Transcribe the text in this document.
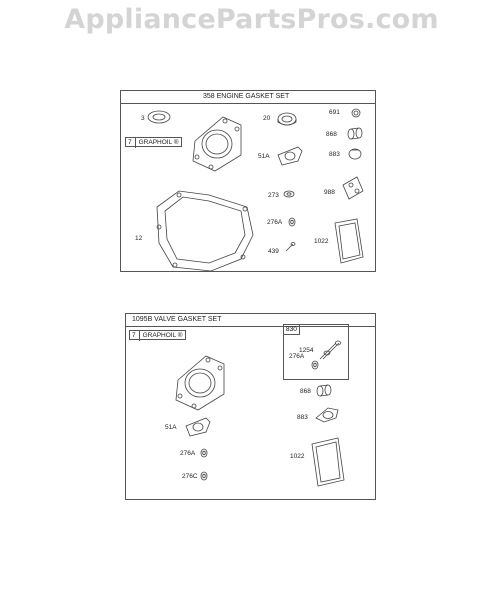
AppliancePartsPros.com
358 ENGINE GASKET SET
7 GRAPHOIL ®
3	20
691
868
51A	883
273	988
276A
12	1022
439
1095B VALVE GASKET SET
7 GRAPHOIL ®
830
1254
276A
868
883
51A
276A	1022
276C
